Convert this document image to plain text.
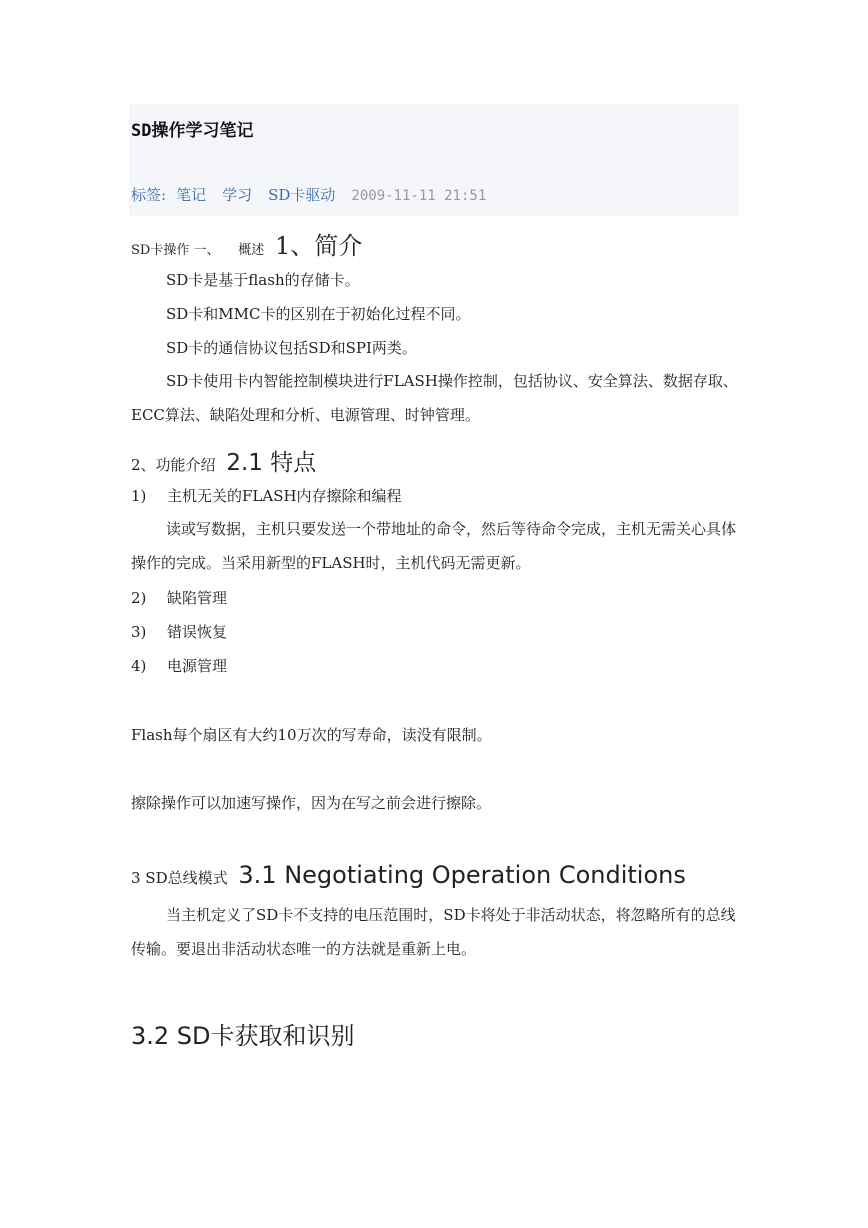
SD操作学习笔记
标签: 笔记 学习 SD卡驱动 2009-11-11 21:51
SD卡操作 一、 概述 1、简介
SD卡是基于flash的存储卡。
SD卡和MMC卡的区别在于初始化过程不同。
SD卡的通信协议包括SD和SPI两类。
SD卡使用卡内智能控制模块进行FLASH操作控制，包括协议、安全算法、数据存取、ECC算法、缺陷处理和分析、电源管理、时钟管理。
2、功能介绍 2.1 特点
1) 主机无关的FLASH内存擦除和编程
读或写数据，主机只要发送一个带地址的命令，然后等待命令完成，主机无需关心具体操作的完成。当采用新型的FLASH时，主机代码无需更新。
2) 缺陷管理
3) 错误恢复
4) 电源管理
Flash每个扇区有大约10万次的写寿命，读没有限制。
擦除操作可以加速写操作，因为在写之前会进行擦除。
3 SD总线模式 3.1 Negotiating Operation Conditions
当主机定义了SD卡不支持的电压范围时，SD卡将处于非活动状态，将忽略所有的总线传输。要退出非活动状态唯一的方法就是重新上电。
3.2 SD卡获取和识别
